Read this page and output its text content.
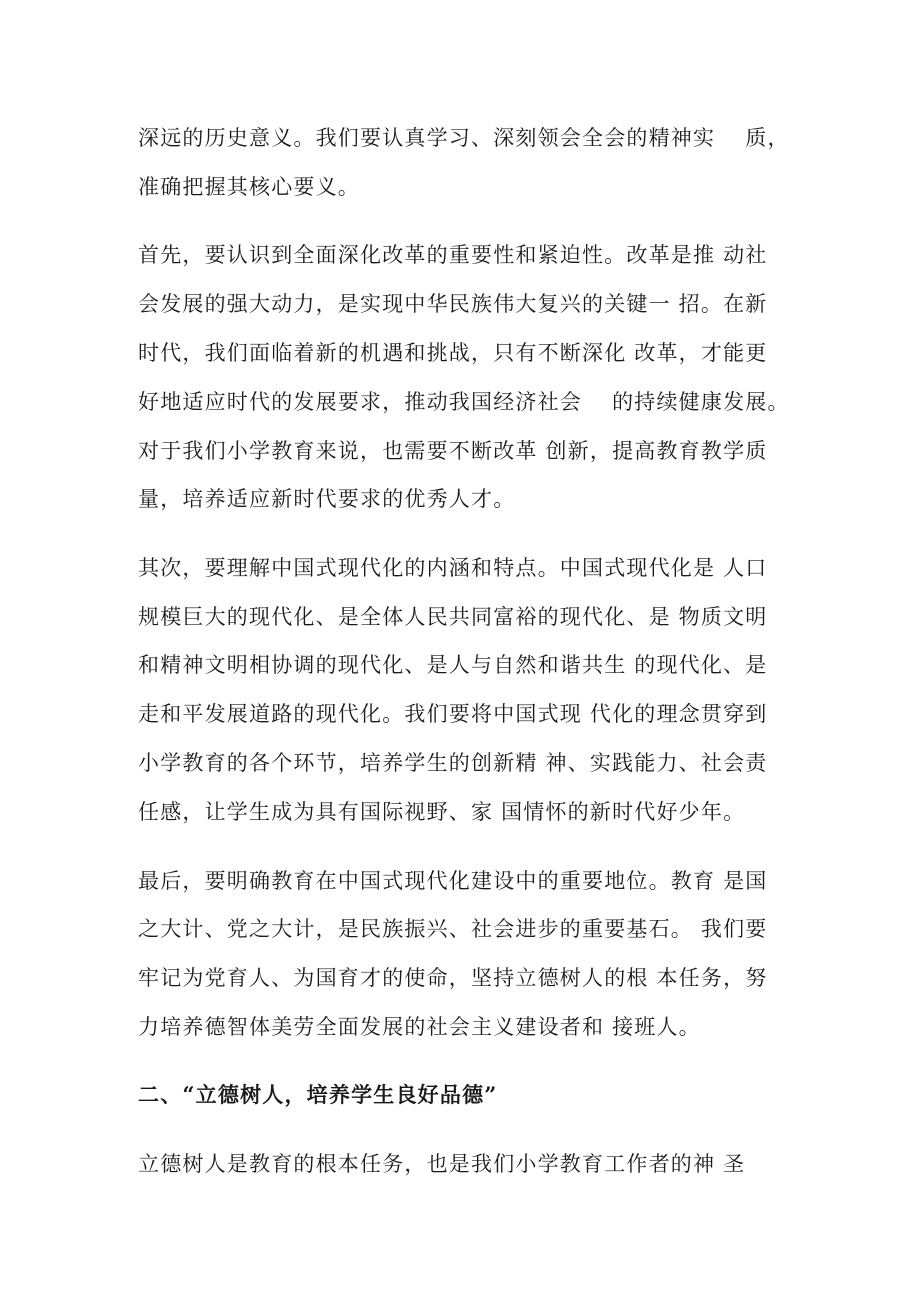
深远的历史意义。我们要认真学习、深刻领会全会的精神实　 质，
准确把握其核心要义。
首先，要认识到全面深化改革的重要性和紧迫性。改革是推 动社
会发展的强大动力，是实现中华民族伟大复兴的关键一 招。在新
时代，我们面临着新的机遇和挑战，只有不断深化 改革，才能更
好地适应时代的发展要求，推动我国经济社会　 的持续健康发展。
对于我们小学教育来说，也需要不断改革 创新，提高教育教学质
量，培养适应新时代要求的优秀人才。
其次，要理解中国式现代化的内涵和特点。中国式现代化是 人口
规模巨大的现代化、是全体人民共同富裕的现代化、是 物质文明
和精神文明相协调的现代化、是人与自然和谐共生 的现代化、是
走和平发展道路的现代化。我们要将中国式现 代化的理念贯穿到
小学教育的各个环节，培养学生的创新精 神、实践能力、社会责
任感，让学生成为具有国际视野、家 国情怀的新时代好少年。
最后，要明确教育在中国式现代化建设中的重要地位。教育 是国
之大计、党之大计，是民族振兴、社会进步的重要基石。 我们要
牢记为党育人、为国育才的使命，坚持立德树人的根 本任务，努
力培养德智体美劳全面发展的社会主义建设者和 接班人。
二、“立德树人，培养学生良好品德”
立德树人是教育的根本任务，也是我们小学教育工作者的神 圣
